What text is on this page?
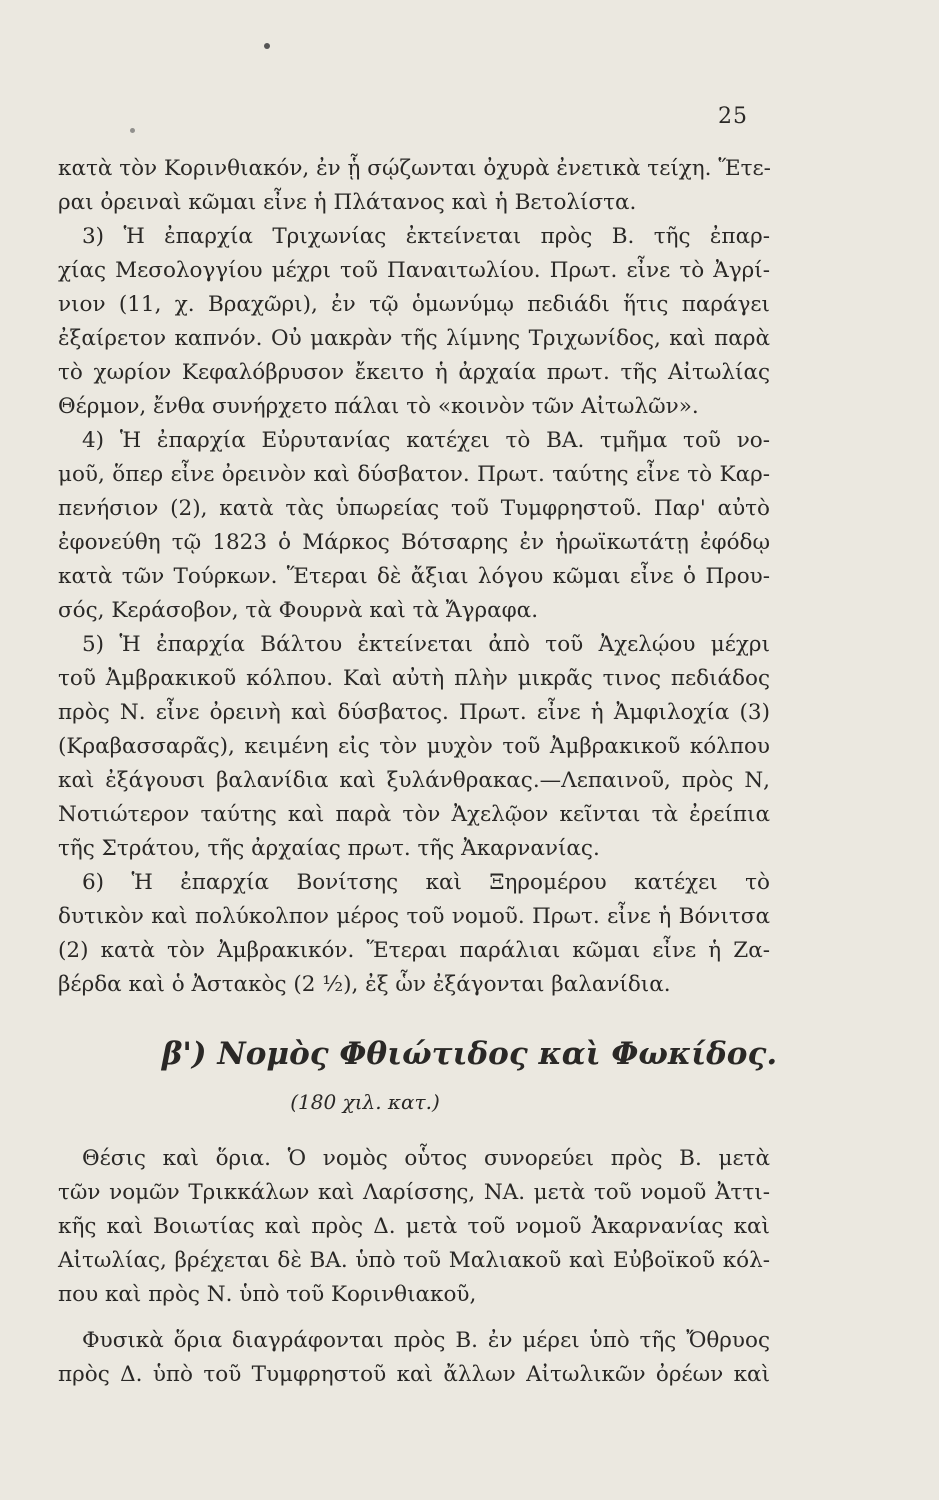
25
κατὰ τὸν Κορινθιακόν, ἐν ᾗ σῴζωνται ὀχυρὰ ἐνετικὰ τείχη. Ἕτε-
ραι ὀρειναὶ κῶμαι εἶνε ἡ Πλάτανος καὶ ἡ Βετολίστα.
3) Ἡ ἐπαρχία Τριχωνίας ἐκτείνεται πρὸς Β. τῆς ἐπαρ-
χίας Μεσολογγίου μέχρι τοῦ Παναιτωλίου. Πρωτ. εἶνε τὸ Ἀγρί-
νιον (11, χ. Βραχῶρι), ἐν τῷ ὁμωνύμῳ πεδιάδι ἥτις παράγει
ἐξαίρετον καπνόν. Οὐ μακρὰν τῆς λίμνης Τριχωνίδος, καὶ παρὰ
τὸ χωρίον Κεφαλόβρυσον ἔκειτο ἡ ἀρχαία πρωτ. τῆς Αἰτωλίας
Θέρμον, ἔνθα συνήρχετο πάλαι τὸ «κοινὸν τῶν Αἰτωλῶν».
4) Ἡ ἐπαρχία Εὐρυτανίας κατέχει τὸ ΒΑ. τμῆμα τοῦ νο-
μοῦ, ὅπερ εἶνε ὀρεινὸν καὶ δύσβατον. Πρωτ. ταύτης εἶνε τὸ Καρ-
πενήσιον (2), κατὰ τὰς ὑπωρείας τοῦ Τυμφρηστοῦ. Παρ' αὐτὸ
ἐφονεύθη τῷ 1823 ὁ Μάρκος Βότσαρης ἐν ἡρωϊκωτάτῃ ἐφόδῳ
κατὰ τῶν Τούρκων. Ἕτεραι δὲ ἄξιαι λόγου κῶμαι εἶνε ὁ Πρου-
σός, Κεράσοβον, τὰ Φουρνὰ καὶ τὰ Ἄγραφα.
5) Ἡ ἐπαρχία Βάλτου ἐκτείνεται ἀπὸ τοῦ Ἀχελῴου μέχρι
τοῦ Ἀμβρακικοῦ κόλπου. Καὶ αὐτὴ πλὴν μικρᾶς τινος πεδιάδος
πρὸς Ν. εἶνε ὀρεινὴ καὶ δύσβατος. Πρωτ. εἶνε ἡ Ἀμφιλοχία (3)
(Κραβασσαρᾶς), κειμένη εἰς τὸν μυχὸν τοῦ Ἀμβρακικοῦ κόλπου
καὶ ἐξάγουσι βαλανίδια καὶ ξυλάνθρακας.—Λεπαινοῦ, πρὸς Ν,
Νοτιώτερον ταύτης καὶ παρὰ τὸν Ἀχελῷον κεῖνται τὰ ἐρείπια
τῆς Στράτου, τῆς ἀρχαίας πρωτ. τῆς Ἀκαρνανίας.
6) Ἡ ἐπαρχία Βονίτσης καὶ Ξηρομέρου κατέχει τὸ
δυτικὸν καὶ πολύκολπον μέρος τοῦ νομοῦ. Πρωτ. εἶνε ἡ Βόνιτσα
(2) κατὰ τὸν Ἀμβρακικόν. Ἕτεραι παράλιαι κῶμαι εἶνε ἡ Ζα-
βέρδα καὶ ὁ Ἀστακὸς (2 ½), ἐξ ὧν ἐξάγονται βαλανίδια.
β') Νομὸς Φθιώτιδος καὶ Φωκίδος.
(180 χιλ. κατ.)
Θέσις καὶ ὅρια. Ὁ νομὸς οὗτος συνορεύει πρὸς Β. μετὰ
τῶν νομῶν Τρικκάλων καὶ Λαρίσσης, ΝΑ. μετὰ τοῦ νομοῦ Ἀττι-
κῆς καὶ Βοιωτίας καὶ πρὸς Δ. μετὰ τοῦ νομοῦ Ἀκαρνανίας καὶ
Αἰτωλίας, βρέχεται δὲ ΒΑ. ὑπὸ τοῦ Μαλιακοῦ καὶ Εὐβοϊκοῦ κόλ-
που καὶ πρὸς Ν. ὑπὸ τοῦ Κορινθιακοῦ,
Φυσικὰ ὅρια διαγράφονται πρὸς Β. ἐν μέρει ὑπὸ τῆς Ὄθρυος
πρὸς Δ. ὑπὸ τοῦ Τυμφρηστοῦ καὶ ἄλλων Αἰτωλικῶν ὀρέων καὶ
